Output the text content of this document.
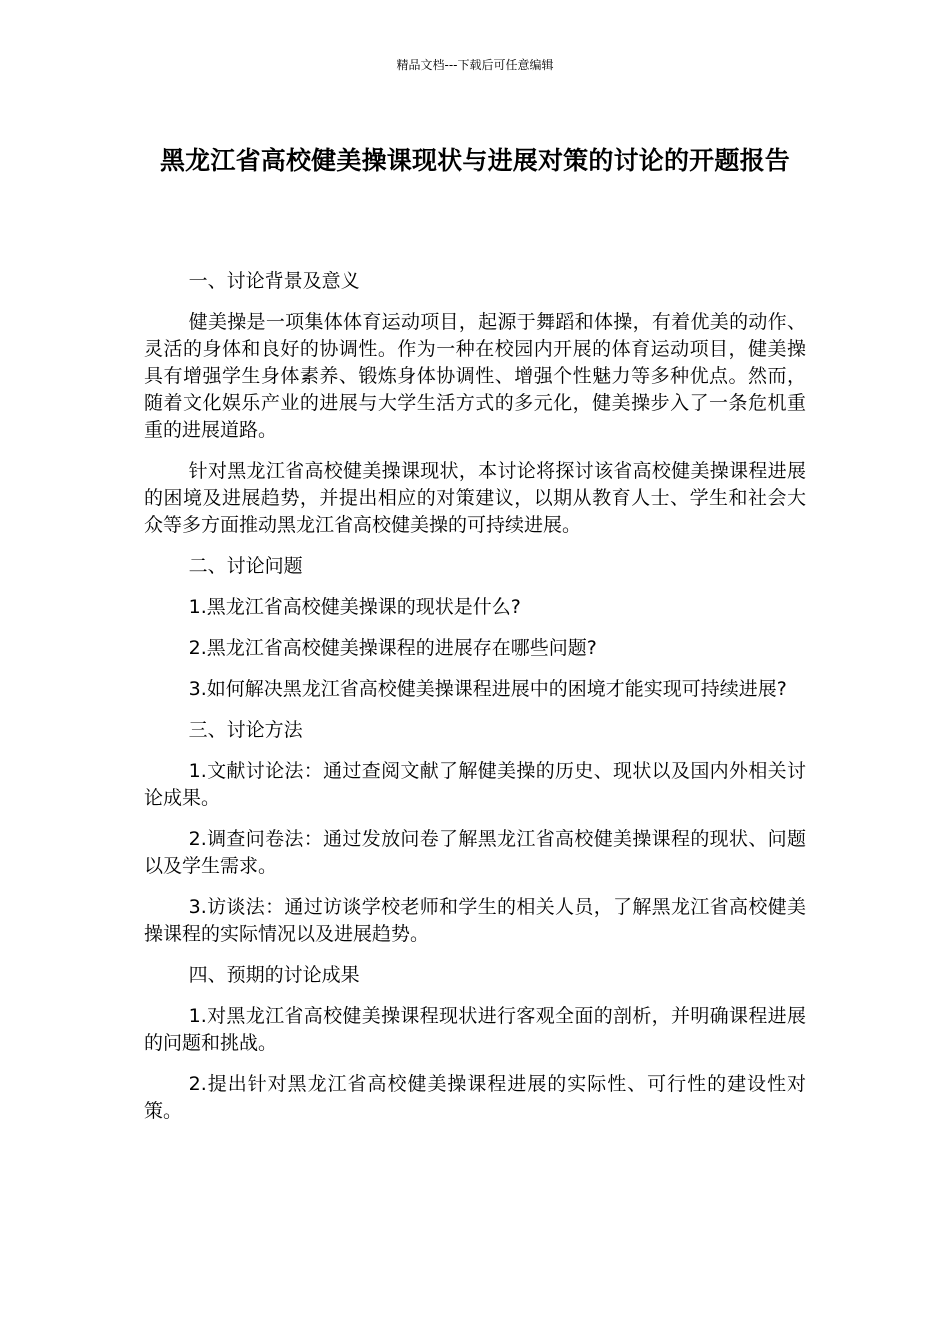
精品文档---下载后可任意编辑
黑龙江省高校健美操课现状与进展对策的讨论的开题报告

一、讨论背景及意义

健美操是一项集体体育运动项目，起源于舞蹈和体操，有着优美的动作、灵活的身体和良好的协调性。作为一种在校园内开展的体育运动项目，健美操具有增强学生身体素养、锻炼身体协调性、增强个性魅力等多种优点。然而，随着文化娱乐产业的进展与大学生活方式的多元化，健美操步入了一条危机重重的进展道路。

针对黑龙江省高校健美操课现状，本讨论将探讨该省高校健美操课程进展的困境及进展趋势，并提出相应的对策建议，以期从教育人士、学生和社会大众等多方面推动黑龙江省高校健美操的可持续进展。

二、讨论问题

1.黑龙江省高校健美操课的现状是什么?

2.黑龙江省高校健美操课程的进展存在哪些问题?

3.如何解决黑龙江省高校健美操课程进展中的困境才能实现可持续进展?

三、讨论方法

1.文献讨论法：通过查阅文献了解健美操的历史、现状以及国内外相关讨论成果。

2.调查问卷法：通过发放问卷了解黑龙江省高校健美操课程的现状、问题以及学生需求。

3.访谈法：通过访谈学校老师和学生的相关人员，了解黑龙江省高校健美操课程的实际情况以及进展趋势。

四、预期的讨论成果

1.对黑龙江省高校健美操课程现状进行客观全面的剖析，并明确课程进展的问题和挑战。

2.提出针对黑龙江省高校健美操课程进展的实际性、可行性的建设性对策。
